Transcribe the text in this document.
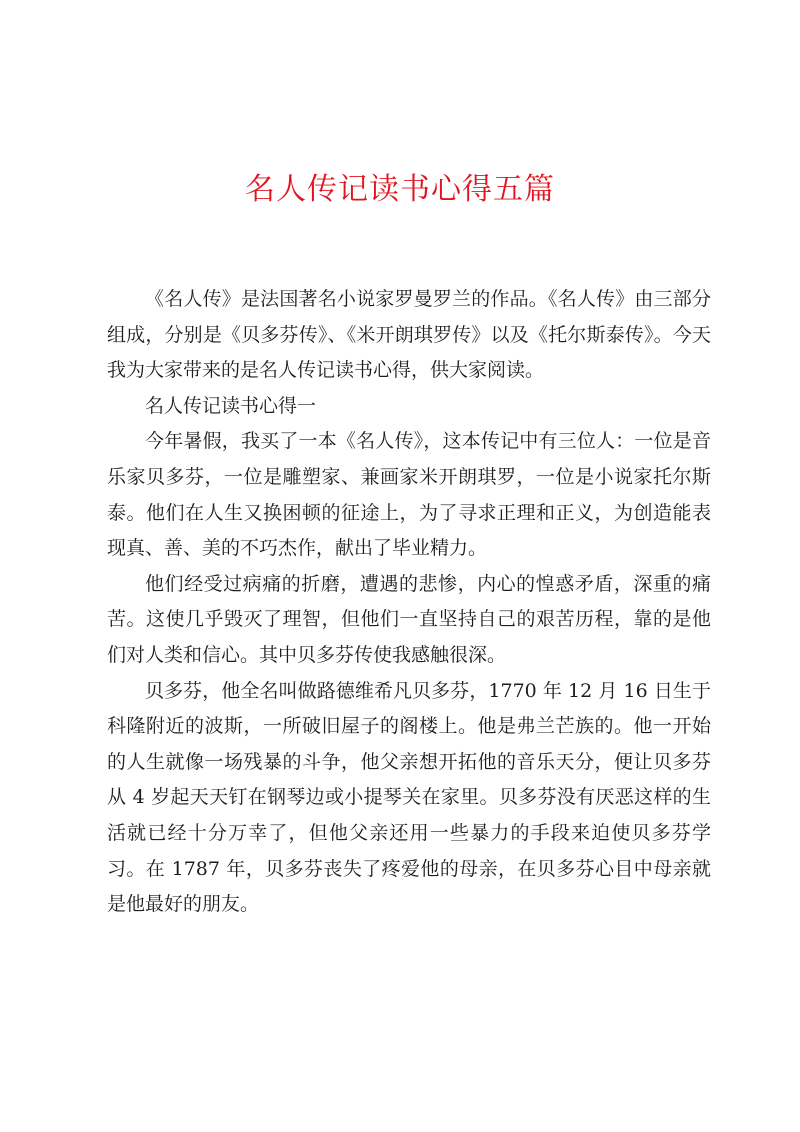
名人传记读书心得五篇

《名人传》是法国著名小说家罗曼罗兰的作品。《名人传》由三部分组成，分别是《贝多芬传》、《米开朗琪罗传》以及《托尔斯泰传》。今天我为大家带来的是名人传记读书心得，供大家阅读。

名人传记读书心得一

今年暑假，我买了一本《名人传》，这本传记中有三位人：一位是音乐家贝多芬，一位是雕塑家、兼画家米开朗琪罗，一位是小说家托尔斯泰。他们在人生又换困顿的征途上，为了寻求正理和正义，为创造能表现真、善、美的不巧杰作，献出了毕业精力。

他们经受过病痛的折磨，遭遇的悲惨，内心的惶惑矛盾，深重的痛苦。这使几乎毁灭了理智，但他们一直坚持自己的艰苦历程，靠的是他们对人类和信心。其中贝多芬传使我感触很深。

贝多芬，他全名叫做路德维希凡贝多芬，1770 年 12 月 16 日生于科隆附近的波斯，一所破旧屋子的阁楼上。他是弗兰芒族的。他一开始的人生就像一场残暴的斗争，他父亲想开拓他的音乐天分，便让贝多芬从 4 岁起天天钉在钢琴边或小提琴关在家里。贝多芬没有厌恶这样的生活就已经十分万幸了，但他父亲还用一些暴力的手段来迫使贝多芬学习。在 1787 年，贝多芬丧失了疼爱他的母亲，在贝多芬心目中母亲就是他最好的朋友。
